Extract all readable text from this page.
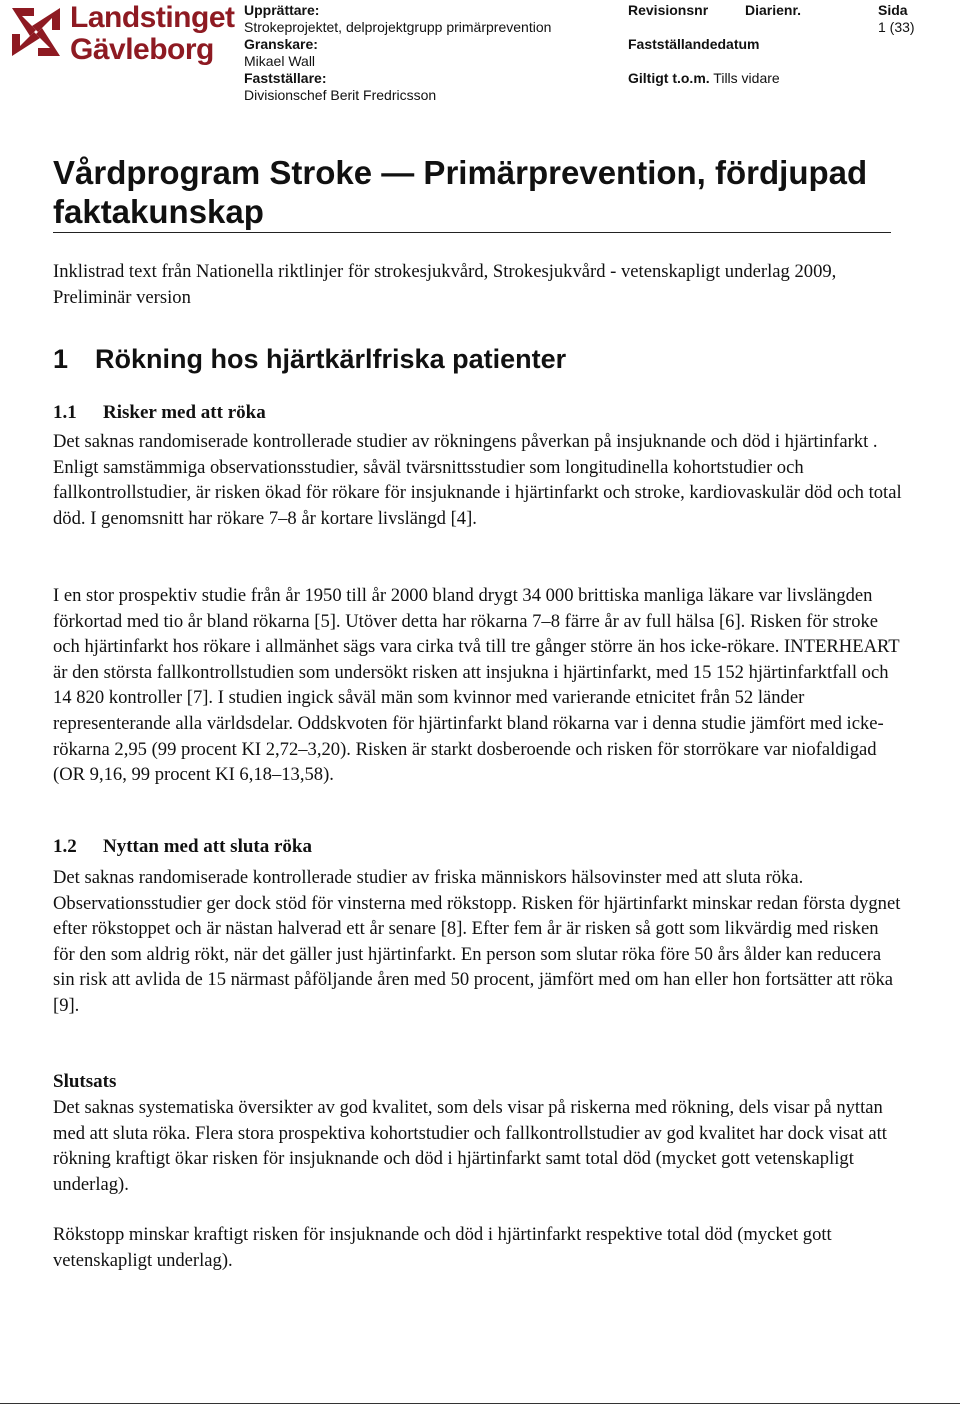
Landstinget
Gävleborg
Upprättare:
Strokeprojektet, delprojektgrupp primärprevention
Granskare:
Mikael Wall
Fastställare:
Divisionschef Berit Fredricsson
Revisionsnr	Diarienr.
Fastställandedatum
Giltigt t.o.m. Tills vidare
Sida
1 (33)
Vårdprogram Stroke — Primärprevention, fördjupad
faktakunskap

Inklistrad text från Nationella riktlinjer för strokesjukvård, Strokesjukvård - vetenskapligt underlag 2009, Preliminär version

1 Rökning hos hjärtkärlfriska patienter
1.1 Risker med att röka

Det saknas randomiserade kontrollerade studier av rökningens påverkan på insjuknande och död i hjärtinfarkt . Enligt samstämmiga observationsstudier, såväl tvärsnittsstudier som longitudinella kohortstudier och fallkontrollstudier, är risken ökad för rökare för insjuknande i hjärtinfarkt och stroke, kardiovaskulär död och total död. I genomsnitt har rökare 7–8 år kortare livslängd [4].

I en stor prospektiv studie från år 1950 till år 2000 bland drygt 34 000 brittiska manliga läkare var livslängden förkortad med tio år bland rökarna [5]. Utöver detta har rökarna 7–8 färre år av full hälsa [6]. Risken för stroke och hjärtinfarkt hos rökare i allmänhet sägs vara cirka två till tre gånger större än hos icke-rökare. INTERHEART är den största fallkontrollstudien som undersökt risken att insjukna i hjärtinfarkt, med 15 152 hjärtinfarktfall och 14 820 kontroller [7]. I studien ingick såväl män som kvinnor med varierande etnicitet från 52 länder representerande alla världsdelar. Oddskvoten för hjärtinfarkt bland rökarna var i denna studie jämfört med icke-rökarna 2,95 (99 procent KI 2,72–3,20). Risken är starkt dosberoende och risken för storrökare var niofaldigad (OR 9,16, 99 procent KI 6,18–13,58).

1.2 Nyttan med att sluta röka

Det saknas randomiserade kontrollerade studier av friska människors hälsovinster med att sluta röka. Observationsstudier ger dock stöd för vinsterna med rökstopp. Risken för hjärtinfarkt minskar redan första dygnet efter rökstoppet och är nästan halverad ett år senare [8]. Efter fem år är risken så gott som likvärdig med risken för den som aldrig rökt, när det gäller just hjärtinfarkt. En person som slutar röka före 50 års ålder kan reducera sin risk att avlida de 15 närmast påföljande åren med 50 procent, jämfört med om han eller hon fortsätter att röka [9].

Slutsats

Det saknas systematiska översikter av god kvalitet, som dels visar på riskerna med rökning, dels visar på nyttan med att sluta röka. Flera stora prospektiva kohortstudier och fallkontrollstudier av god kvalitet har dock visat att rökning kraftigt ökar risken för insjuknande och död i hjärtinfarkt samt total död (mycket gott vetenskapligt underlag).

Rökstopp minskar kraftigt risken för insjuknande och död i hjärtinfarkt respektive total död (mycket gott vetenskapligt underlag).
